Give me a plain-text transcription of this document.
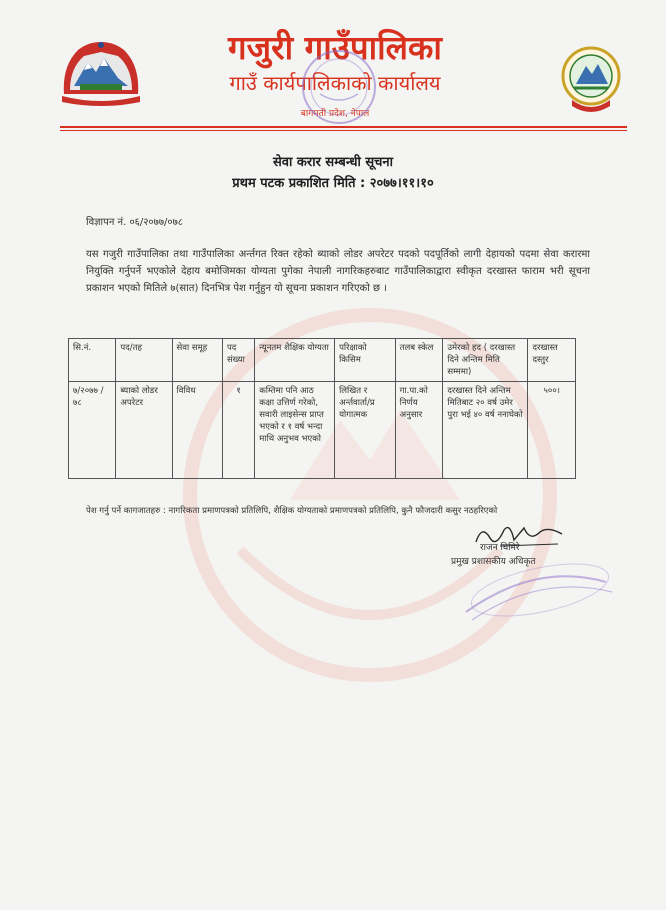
गजुरी गाउँपालिका
गाउँ कार्यपालिकाको कार्यालय
बागमती प्रदेश, नेपाल
सेवा करार सम्बन्धी सूचना
प्रथम पटक प्रकाशित मिति : २०७७।११।१०
विज्ञापन नं. ०६/२०७७/०७८
यस गजुरी गाउँपालिका तथा गाउँपालिका अर्न्तगत रिक्त रहेको ब्याको लोडर अपरेटर पदको पदपूर्तिको लागी देहायको पदमा सेवा करारमा नियुक्ति गर्नुपर्ने भएकोले देहाय बमोजिमका योग्यता पुगेका नेपाली नागरिकहरुबाट गाउँपालिकाद्वारा स्वीकृत दरखास्त फाराम भरी सूचना प्रकाशन भएको मितिले ७(सात) दिनभित्र पेश गर्नुहुन यो सूचना प्रकाशन गरिएको छ ।
सि.नं.	पद/तह	सेवा समूह	पद संख्या	न्यूनतम शैक्षिक योग्यता	परिक्षाको किसिम	तलब स्केल	उमेरको हद ( दरखास्त दिने अन्तिम मिति सम्ममा)	दरखास्त दस्तुर
७/२०७७ /७८	ब्याको लोडर अपरेटर	विविध	१	कम्तिमा पनि आठ कक्षा उत्तिर्ण गरेको, सवारी लाइसेन्स प्राप्त भएको र १ वर्ष भन्दा माथि अनुभव भएको	लिखित र अर्न्तवार्ता/प्र योगात्मक	गा.पा.को निर्णय अनुसार	दरखास्त दिने अन्तिम मितिबाट २० वर्ष उमेर पुरा भई ४० वर्ष ननाघेको	५००।
पेश गर्नु पर्ने कागजातहरु : नागरिकता प्रमाणपत्रको प्रतिलिपि, शैक्षिक योग्यताको प्रमाणपत्रको प्रतिलिपि, कुनै फौजदारी कसुर नठहरिएको
राजन घिमिरे
प्रमुख प्रशासकीय अधिकृत
